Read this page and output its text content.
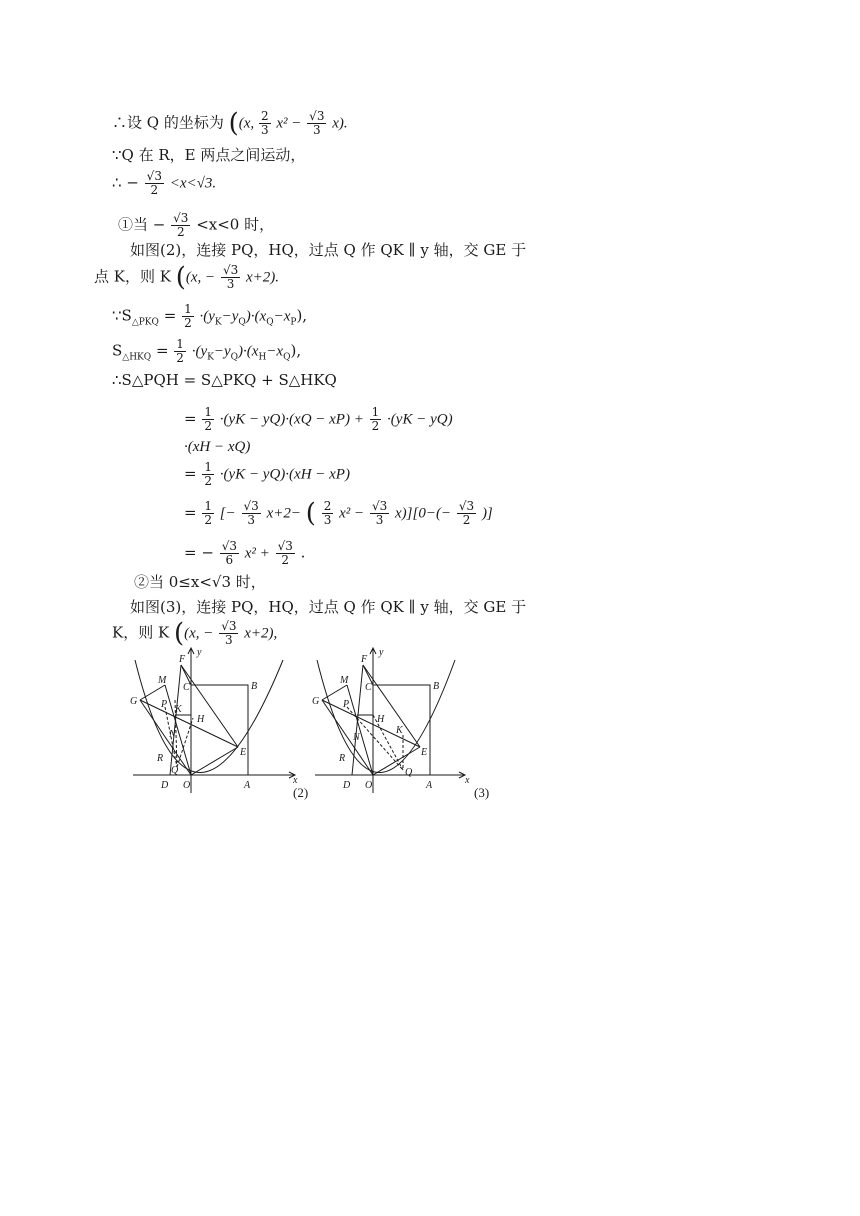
∴设 Q 的坐标为 ((x, $\frac{2}{3} x^2 - \frac{√3}{3} x$).
∵Q 在 R，E 两点之间运动，
∴ − $\frac{√3}{2} <x<√3$.
①当 − $\frac{√3}{2} <x<0$ 时，
如图(2)，连接 PQ，HQ，过点 Q 作 QK ∥ y 轴，交 GE 于
点 K，则 K ((x, − $\frac{√3}{3} x+2$).
$\because S_{\triangle PKQ} = \frac{1}{2} \cdot(y_K-y_Q)\cdot(x_Q-x_P)$,
$S_{\triangle HKQ} = \frac{1}{2} \cdot(y_K-y_Q)\cdot(x_H-x_Q)$,
∴S△PQH = S△PKQ + S△HKQ
= $\frac{1}{2} \cdot(yK - yQ)\cdot(xQ - xP) + \frac{1}{2} \cdot(yK - yQ)$
·(xH − xQ)
= $\frac{1}{2} \cdot(yK - yQ)\cdot(xH - xP)$
= $\frac{1}{2}$ [− $\frac{√3}{3} x+2-$ ( $\frac{2}{3} x^2 - \frac{√3}{3} x)][0-(- \frac{√3}{2}$ )]
= − $\frac{√3}{6} x^2 + \frac{√3}{2}$ .
②当 0≤x<√3 时，
如图(3)，连接 PQ，HQ，过点 Q 作 QK ∥ y 轴，交 GE 于
K，则 K ((x, − $\frac{√3}{3} x+2$),
F
M
C	B
G P K
H
N
E
R
Q
D O	A	x
y
(2)
F
M
C	B
G P
H
K
N
E
R
Q
D O	A	x
y
(3)
